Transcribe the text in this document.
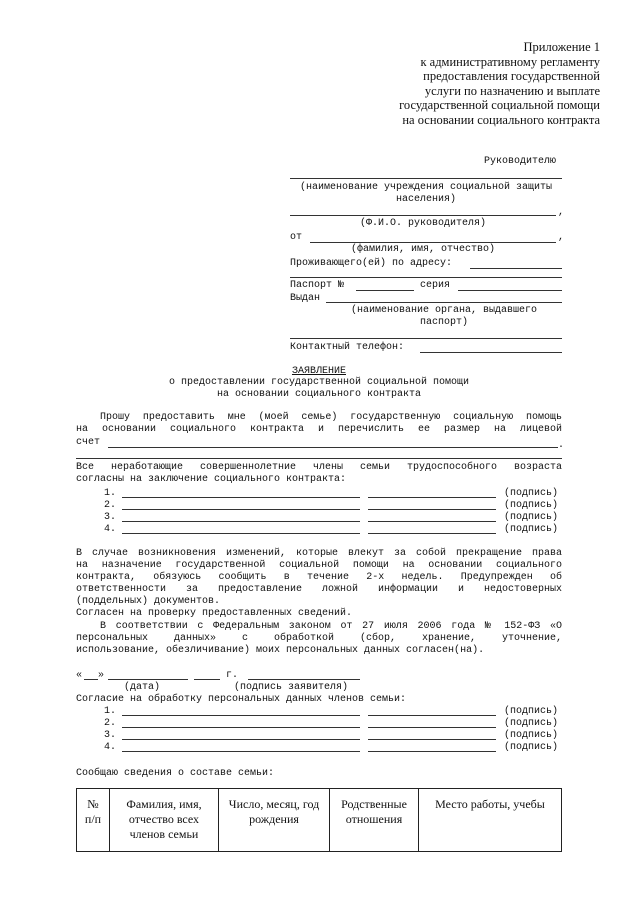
Приложение 1
к административному регламенту
предоставления государственной
услуги по назначению и выплате
государственной социальной помощи
на основании социального контракта
Руководителю
(наименование учреждения социальной защиты
населения)
,
(Ф.И.О. руководителя)
от	,
(фамилия, имя, отчество)
Проживающего(ей) по адресу:
Паспорт №	серия
Выдан
(наименование органа, выдавшего
паспорт)
Контактный телефон:
ЗАЯВЛЕНИЕ
о предоставлении государственной социальной помощи
на основании социального контракта
Прошу предоставить мне (моей семье) государственную социальную помощь
на основании социального контракта и перечислить ее размер на лицевой
счет	.
Все неработающие совершеннолетние члены семьи трудоспособного возраста
согласны на заключение социального контракта:
1.	(подпись)
2.	(подпись)
3.	(подпись)
4.	(подпись)
В случае возникновения изменений, которые влекут за собой прекращение права
на назначение государственной социальной помощи на основании социального
контракта, обязуюсь сообщить в течение 2-х недель. Предупрежден об
ответственности за предоставление ложной информации и недостоверных
(поддельных) документов.
Согласен на проверку предоставленных сведений.
В соответствии с Федеральным законом от 27 июля 2006 года № 152-ФЗ «О
персональных данных» с обработкой (сбор, хранение, уточнение,
использование, обезличивание) моих персональных данных согласен(на).
« »	г.
(дата)	(подпись заявителя)
Согласие на обработку персональных данных членов семьи:
1.	(подпись)
2.	(подпись)
3.	(подпись)
4.	(подпись)
Сообщаю сведения о составе семьи:
№
п/п

Фамилия, имя,
отчество всех
членов семьи

Число, месяц, год
рождения

Родственные
отношения

Место работы, учебы
